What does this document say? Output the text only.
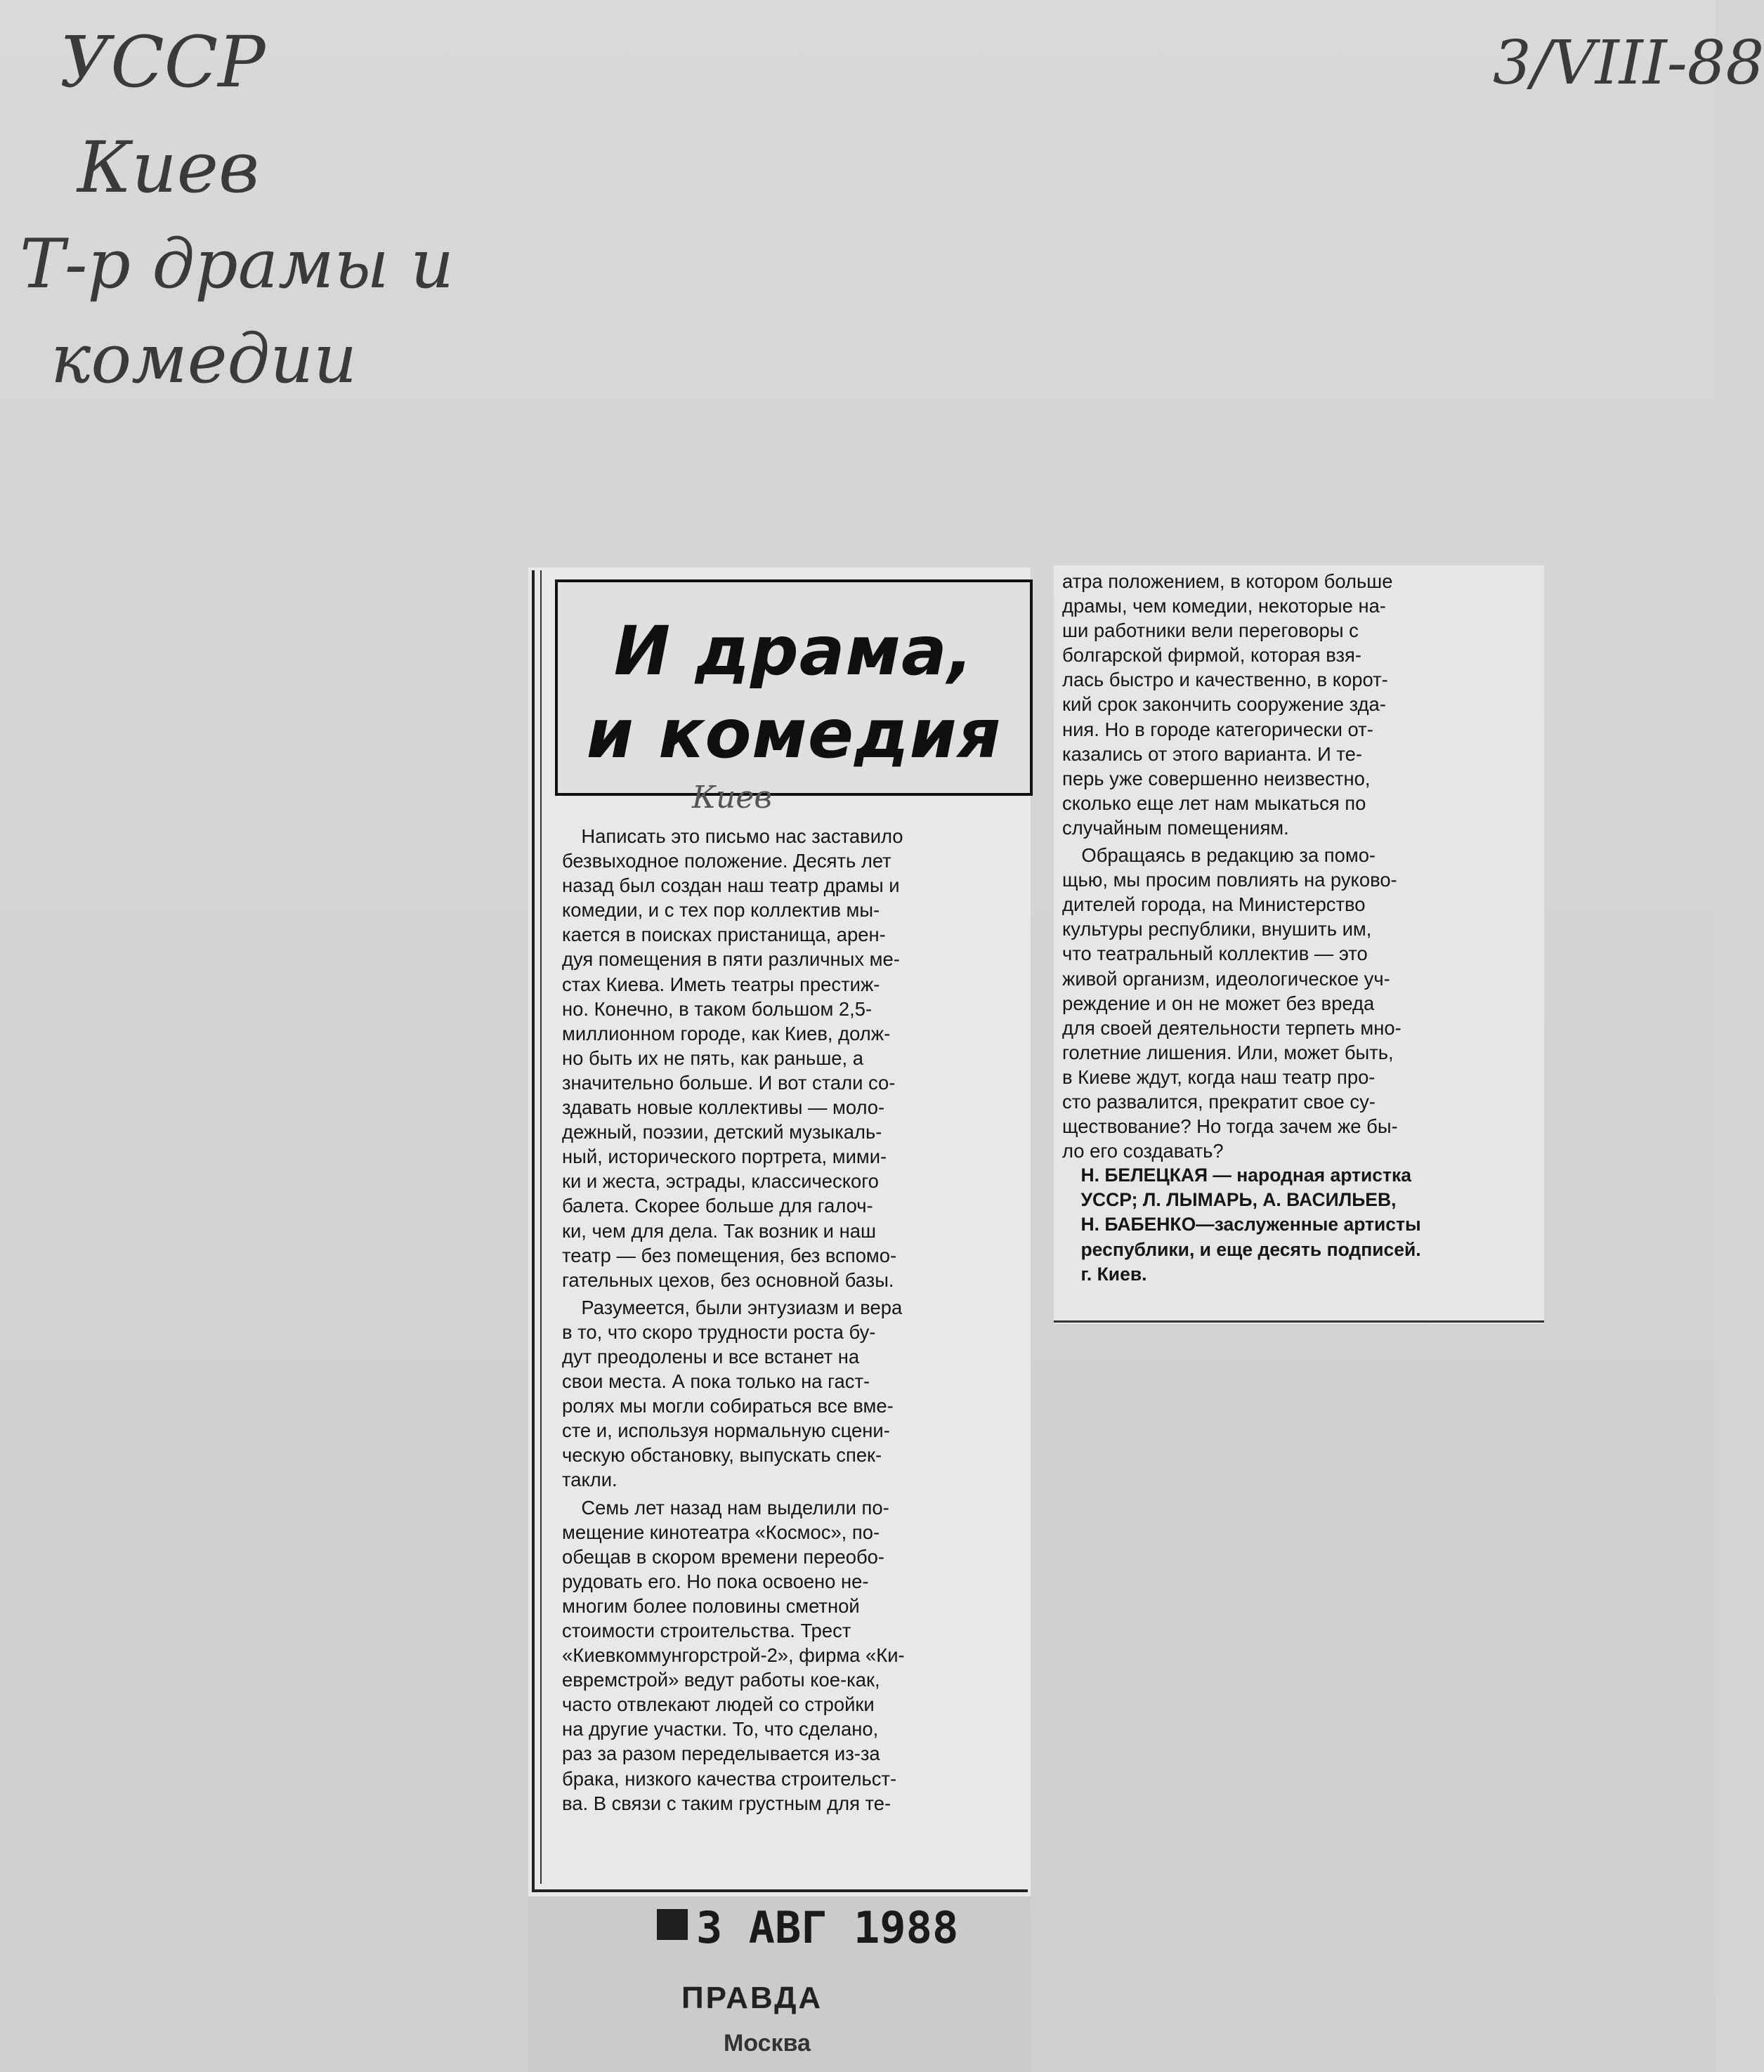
УССР
Киев
Т-р драмы и
комедии
3/VIII-88
И драма,
и комедия
Киев
 Написать это письмо нас заставило
безвыходное положение. Десять лет
назад был создан наш театр драмы и
комедии, и с тех пор коллектив мы-
кается в поисках пристанища, арен-
дуя помещения в пяти различных ме-
стах Киева. Иметь театры престиж-
но. Конечно, в таком большом 2,5-
миллионном городе, как Киев, долж-
но быть их не пять, как раньше, а
значительно больше. И вот стали со-
здавать новые коллективы — моло-
дежный, поэзии, детский музыкаль-
ный, исторического портрета, мими-
ки и жеста, эстрады, классического
балета. Скорее больше для галоч-
ки, чем для дела. Так возник и наш
театр — без помещения, без вспомо-
гательных цехов, без основной базы.
 Разумеется, были энтузиазм и вера
в то, что скоро трудности роста бу-
дут преодолены и все встанет на
свои места. А пока только на гаст-
ролях мы могли собираться все вме-
сте и, используя нормальную сцени-
ческую обстановку, выпускать спек-
такли.
 Семь лет назад нам выделили по-
мещение кинотеатра «Космос», по-
обещав в скором времени переобо-
рудовать его. Но пока освоено не-
многим более половины сметной
стоимости строительства. Трест
«Киевкоммунгорстрой-2», фирма «Ки-
евремстрой» ведут работы кое-как,
часто отвлекают людей со стройки
на другие участки. То, что сделано,
раз за разом переделывается из-за
брака, низкого качества строительст-
ва. В связи с таким грустным для те-
атра положением, в котором больше
драмы, чем комедии, некоторые на-
ши работники вели переговоры с
болгарской фирмой, которая взя-
лась быстро и качественно, в корот-
кий срок закончить сооружение зда-
ния. Но в городе категорически от-
казались от этого варианта. И те-
перь уже совершенно неизвестно,
сколько еще лет нам мыкаться по
случайным помещениям.
 Обращаясь в редакцию за помо-
щью, мы просим повлиять на руково-
дителей города, на Министерство
культуры республики, внушить им,
что театральный коллектив — это
живой организм, идеологическое уч-
реждение и он не может без вреда
для своей деятельности терпеть мно-
голетние лишения. Или, может быть,
в Киеве ждут, когда наш театр про-
сто развалится, прекратит свое су-
ществование? Но тогда зачем же бы-
ло его создавать?
 Н. БЕЛЕЦКАЯ — народная артистка
 УССР; Л. ЛЫМАРЬ, А. ВАСИЛЬЕВ,
 Н. БАБЕНКО—заслуженные артисты
 республики, и еще десять подписей.
 г. Киев.
3 АВГ 1988
ПРАВДА
Москва
